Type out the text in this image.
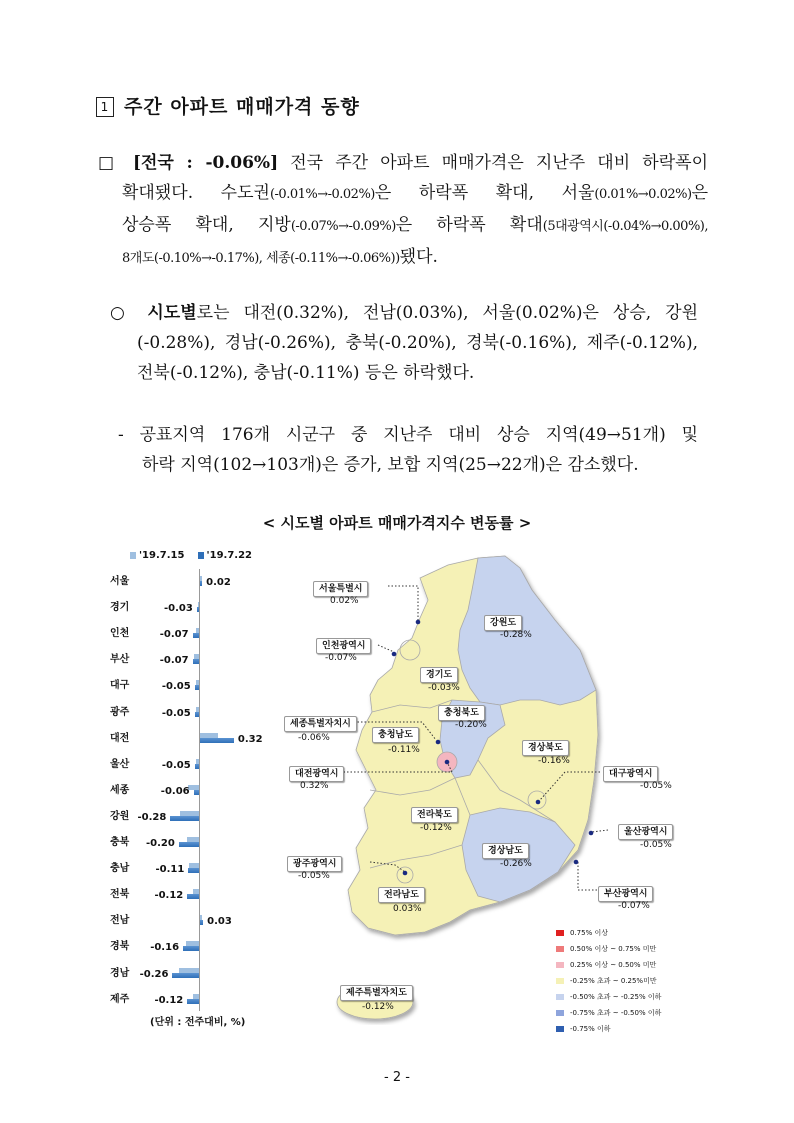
1 주간 아파트 매매가격 동향
□ [전국 : -0.06%] 전국 주간 아파트 매매가격은 지난주 대비 하락폭이
확대됐다. 수도권(-0.01%→-0.02%)은 하락폭 확대, 서울(0.01%→0.02%)은
상승폭 확대, 지방(-0.07%→-0.09%)은 하락폭 확대(5대광역시(-0.04%→0.00%),
8개도(-0.10%→-0.17%), 세종(-0.11%→-0.06%))됐다.
○ 시도별로는 대전(0.32%), 전남(0.03%), 서울(0.02%)은 상승, 강원
(-0.28%), 경남(-0.26%), 충북(-0.20%), 경북(-0.16%), 제주(-0.12%),
전북(-0.12%), 충남(-0.11%) 등은 하락했다.
- 공표지역 176개 시군구 중 지난주 대비 상승 지역(49→51개) 및
하락 지역(102→103개)은 증가, 보합 지역(25→22개)은 감소했다.
< 시도별 아파트 매매가격지수 변동률 >
'19.7.15
'19.7.22
서울	0.02
경기	-0.03
인천	-0.07
부산	-0.07
대구	-0.05
광주	-0.05
대전	0.32
울산	-0.05
세종	-0.06
강원 -0.28
충북	-0.20
충남	-0.11
전북	-0.12
전남	0.03
경북	-0.16
경남	-0.26
제주	-0.12
(단위 : 전주대비, %)
서울특별시
0.02%
인천광역시
-0.07%
경기도
-0.03%
강원도
-0.28%
충청북도
-0.20%
세종특별자치시
-0.06%	충청남도
-0.11%
대전광역시
0.32%
경상북도
-0.16%
대구광역시
-0.05%
전라북도
-0.12%	울산광역시
-0.05%
경상남도
-0.26%
광주광역시
-0.05%
부산광역시
-0.07%
전라남도
0.03%
제주특별자치도
-0.12%
0.75% 이상
0.50% 이상 ~ 0.75% 미만
0.25% 이상 ~ 0.50% 미만
-0.25% 초과 ~ 0.25%미만
-0.50% 초과 ~ -0.25% 이하
-0.75% 초과 ~ -0.50% 이하
-0.75% 이하
- 2 -
